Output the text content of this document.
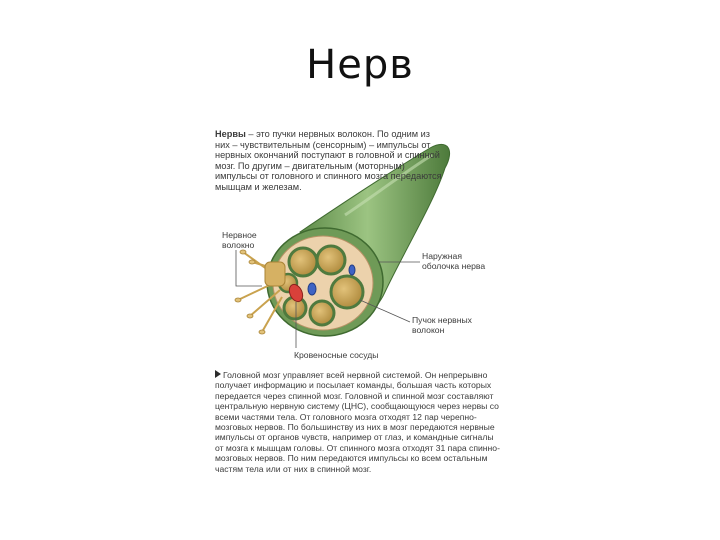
Нерв
Нервы – это пучки нервных волокон. По одним из них – чувствительным (сенсорным) – импульсы от нервных окончаний поступают в головной и спинной мозг. По другим – двигательным (моторным) импульсы от головного и спинного мозга передаются мышцам и железам.
Нервное волокно
Наружная оболочка нерва
Пучок нервных волокон
Кровеносные сосуды
Головной мозг управляет всей нервной системой. Он непрерывно получает информацию и посылает команды, большая часть которых передается через спинной мозг. Головной и спинной мозг составляют центральную нервную систему (ЦНС), сообщающуюся через нервы со всеми частями тела. От головного мозга отходят 12 пар черепно-мозговых нервов. По большинству из них в мозг передаются нервные импульсы от органов чувств, например от глаз, и командные сигналы от мозга к мышцам головы. От спинного мозга отходят 31 пара спинно-мозговых нервов. По ним передаются импульсы ко всем остальным частям тела или от них в спинной мозг.
